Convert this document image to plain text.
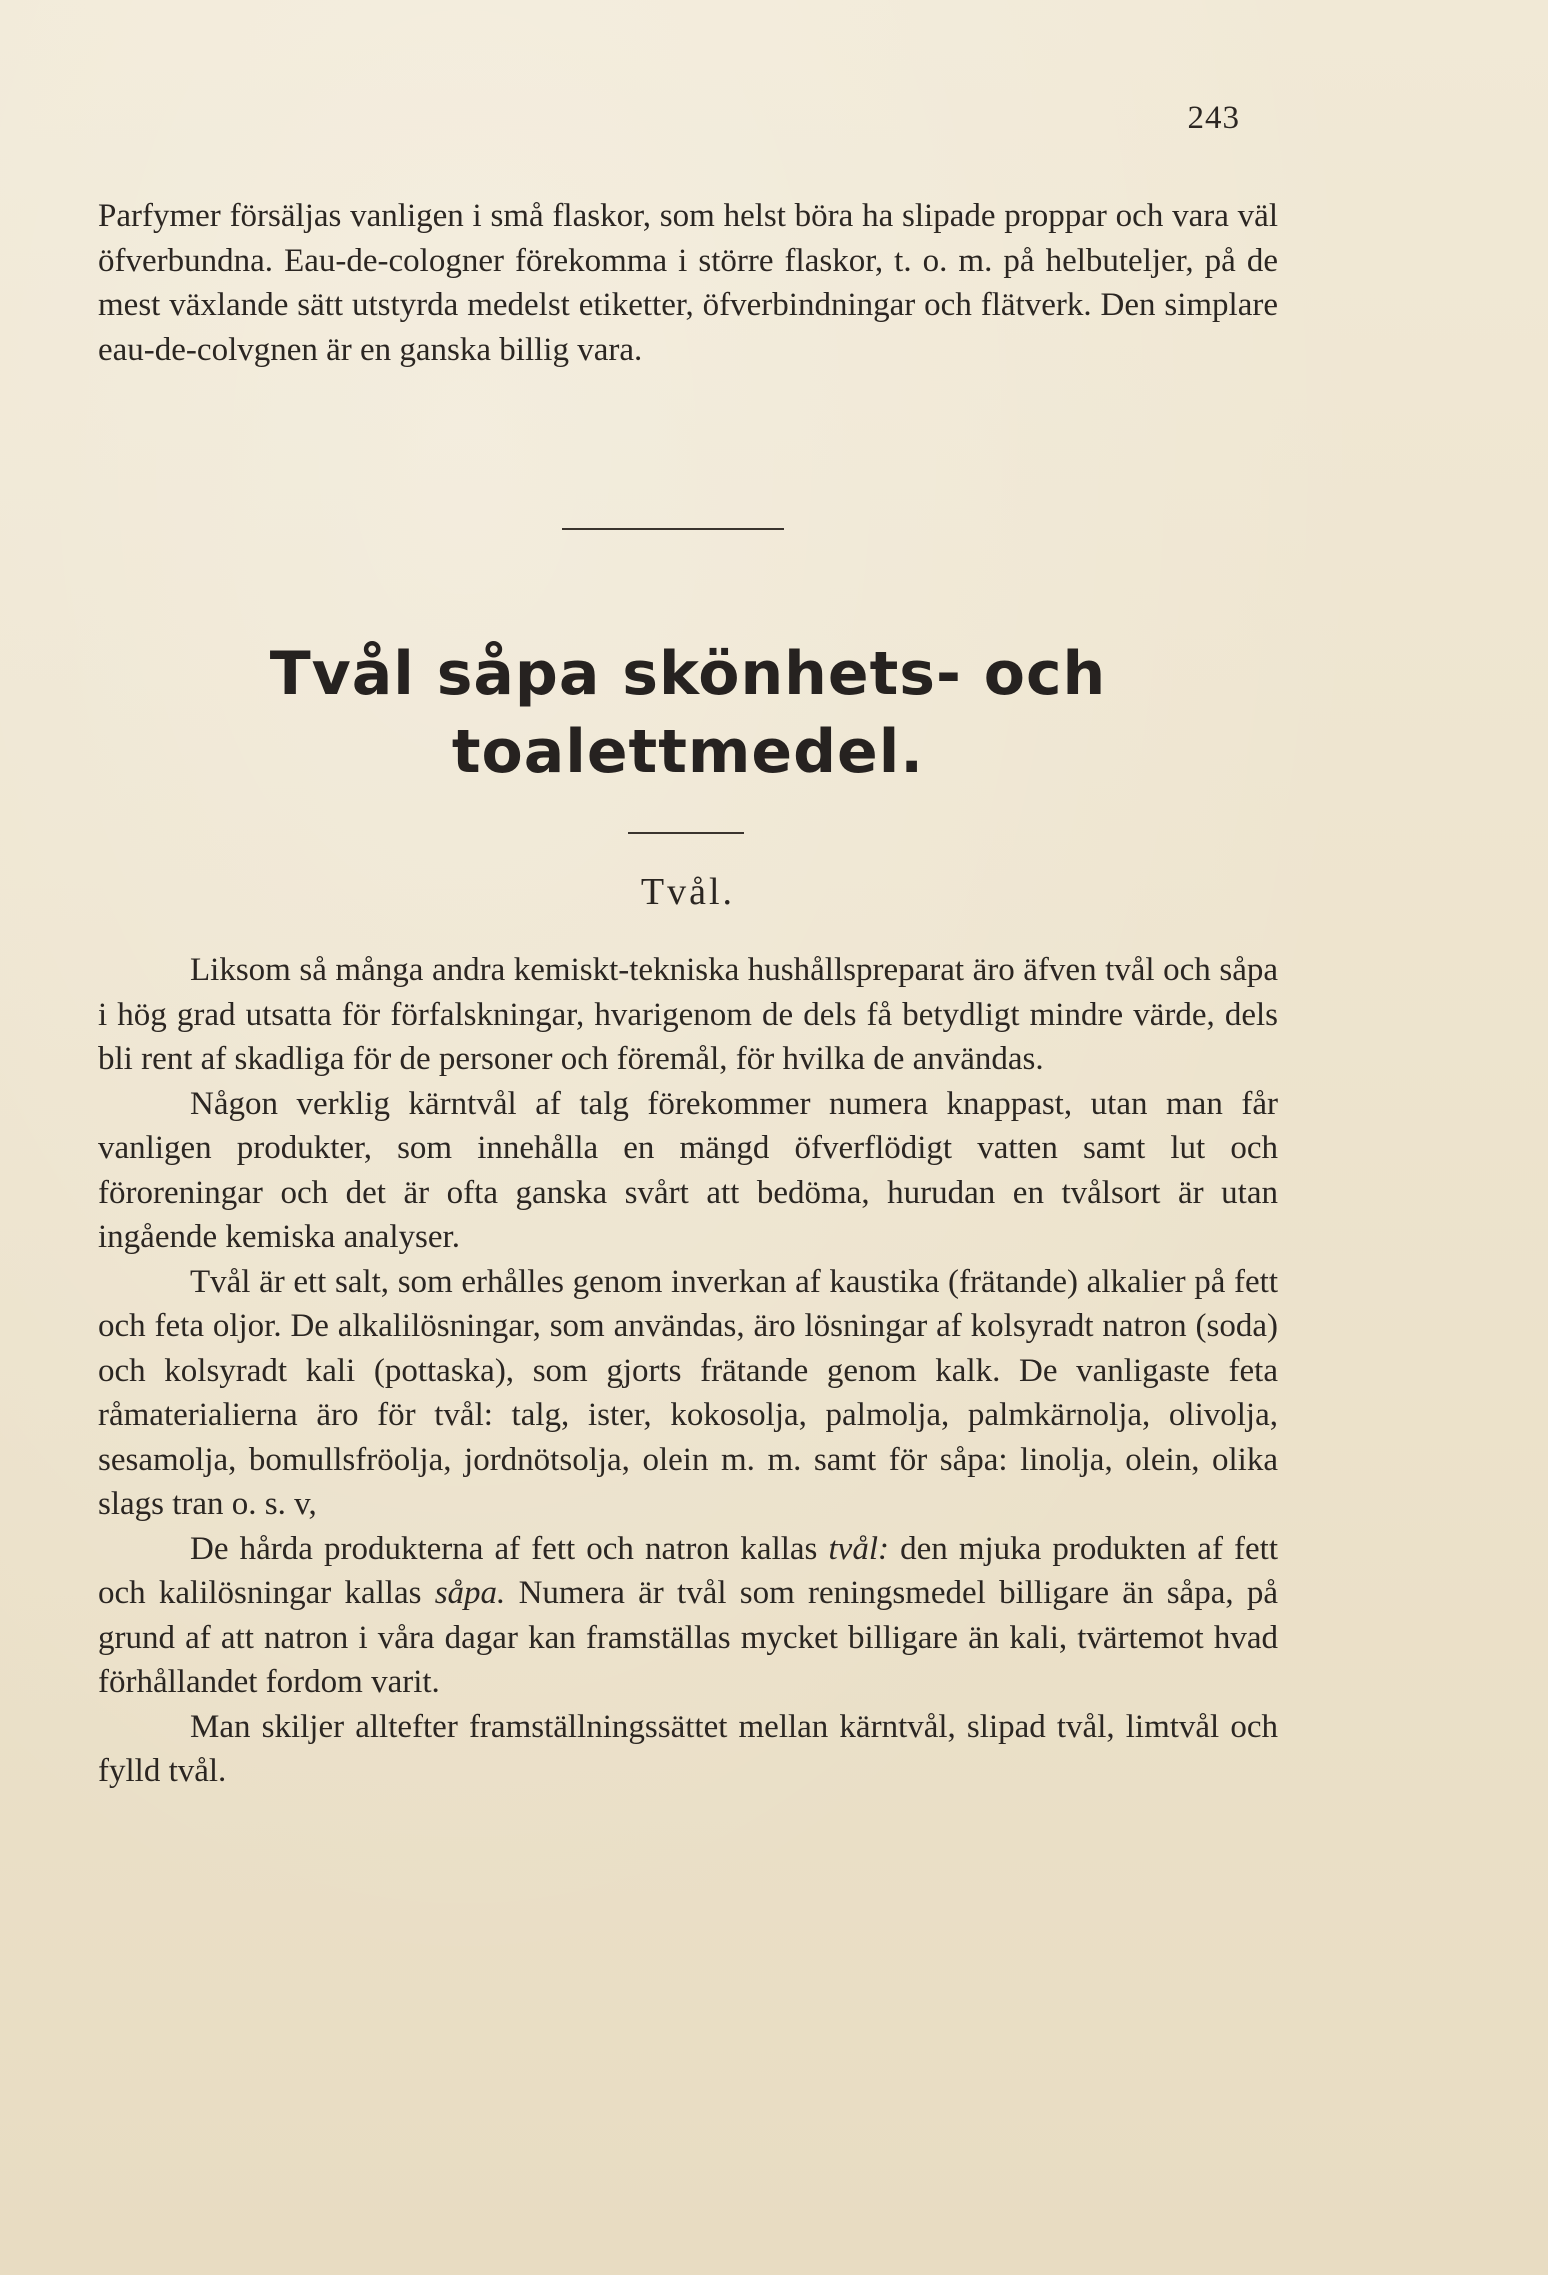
243

Parfymer försäljas vanligen i små flaskor, som helst böra ha slipade proppar och vara väl öfverbundna. Eau-de-cologner förekomma i större flaskor, t. o. m. på helbuteljer, på de mest växlande sätt utstyrda medelst etiketter, öfverbindningar och flätverk. Den simplare eau-de-colvgnen är en ganska billig vara.

Tvål såpa skönhets- och
toalettmedel.
Tvål.

Liksom så många andra kemiskt-tekniska hushållspreparat äro äfven tvål och såpa i hög grad utsatta för förfalskningar, hvarigenom de dels få betydligt mindre värde, dels bli rent af skadliga för de personer och föremål, för hvilka de användas.

Någon verklig kärntvål af talg förekommer numera knappast, utan man får vanligen produkter, som innehålla en mängd öfverflödigt vatten samt lut och föroreningar och det är ofta ganska svårt att bedöma, hurudan en tvålsort är utan ingående kemiska analyser.

Tvål är ett salt, som erhålles genom inverkan af kaustika (frätande) alkalier på fett och feta oljor. De alkalilösningar, som användas, äro lösningar af kolsyradt natron (soda) och kolsyradt kali (pottaska), som gjorts frätande genom kalk. De vanligaste feta råmaterialierna äro för tvål: talg, ister, kokosolja, palmolja, palmkärnolja, olivolja, sesamolja, bomullsfröolja, jordnötsolja, olein m. m. samt för såpa: linolja, olein, olika slags tran o. s. v,

De hårda produkterna af fett och natron kallas tvål: den mjuka produkten af fett och kalilösningar kallas såpa. Numera är tvål som reningsmedel billigare än såpa, på grund af att natron i våra dagar kan framställas mycket billigare än kali, tvärtemot hvad förhållandet fordom varit.

Man skiljer alltefter framställningssättet mellan kärntvål, slipad tvål, limtvål och fylld tvål.
